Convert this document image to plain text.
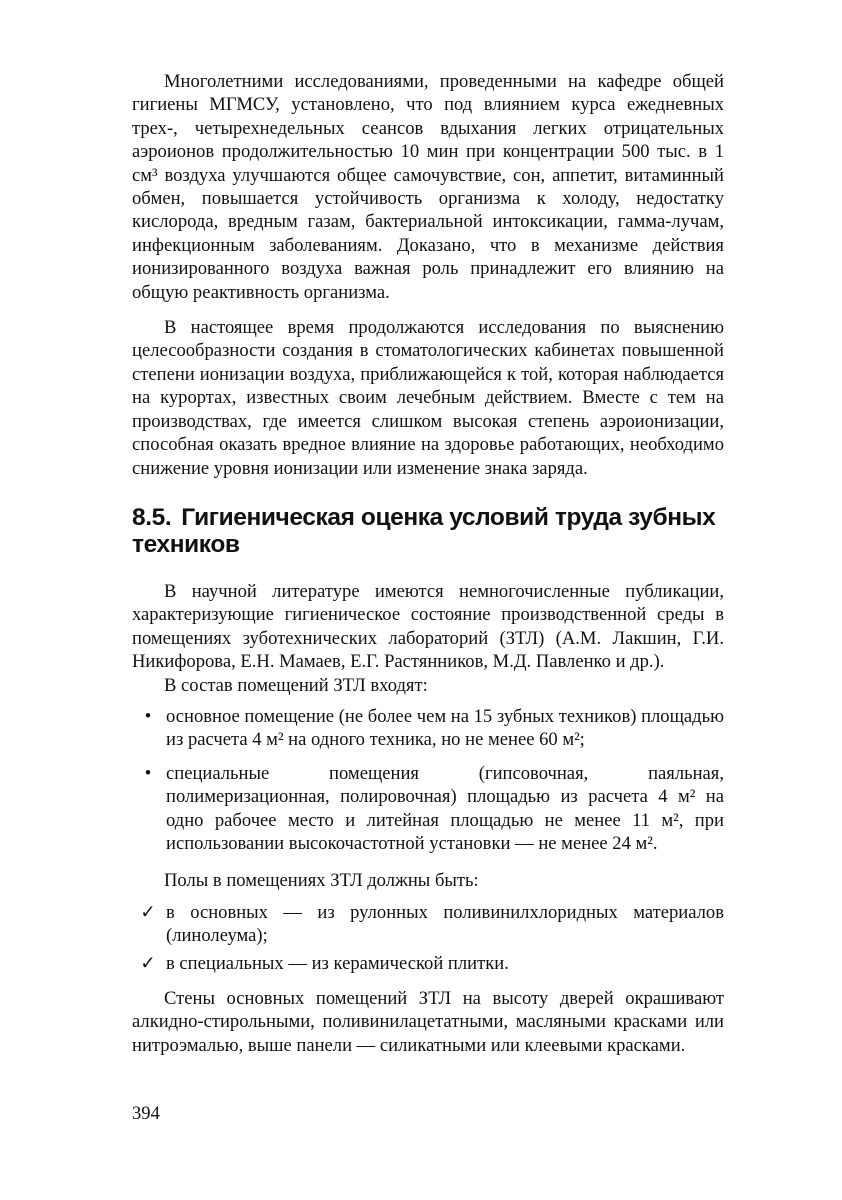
Многолетними исследованиями, проведенными на кафедре общей гигиены МГМСУ, установлено, что под влиянием курса ежедневных трех-, четырехнедельных сеансов вдыхания легких отрицательных аэроионов продолжительностью 10 мин при концентрации 500 тыс. в 1 см³ воздуха улучшаются общее самочувствие, сон, аппетит, витаминный обмен, повышается устойчивость организма к холоду, недостатку кислорода, вредным газам, бактериальной интоксикации, гамма-лучам, инфекционным заболеваниям. Доказано, что в механизме действия ионизированного воздуха важная роль принадлежит его влиянию на общую реактивность организма.

В настоящее время продолжаются исследования по выяснению целесообразности создания в стоматологических кабинетах повышенной степени ионизации воздуха, приближающейся к той, которая наблюдается на курортах, известных своим лечебным действием. Вместе с тем на производствах, где имеется слишком высокая степень аэроионизации, способная оказать вредное влияние на здоровье работающих, необходимо снижение уровня ионизации или изменение знака заряда.

8.5. Гигиеническая оценка условий труда зубных техников

В научной литературе имеются немногочисленные публикации, характеризующие гигиеническое состояние производственной среды в помещениях зуботехнических лабораторий (ЗТЛ) (А.М. Лакшин, Г.И. Никифорова, Е.Н. Мамаев, Е.Г. Растянников, М.Д. Павленко и др.).

В состав помещений ЗТЛ входят:

• основное помещение (не более чем на 15 зубных техников) площадью из расчета 4 м² на одного техника, но не менее 60 м²;
• специальные помещения (гипсовочная, паяльная, полимеризационная, полировочная) площадью из расчета 4 м² на одно рабочее место и литейная площадью не менее 11 м², при использовании высокочастотной установки — не менее 24 м².

Полы в помещениях ЗТЛ должны быть:

✓ в основных — из рулонных поливинилхлоридных материалов (линолеума);
✓ в специальных — из керамической плитки.

Стены основных помещений ЗТЛ на высоту дверей окрашивают алкидно-стирольными, поливинилацетатными, масляными красками или нитроэмалью, выше панели — силикатными или клеевыми красками.

394
